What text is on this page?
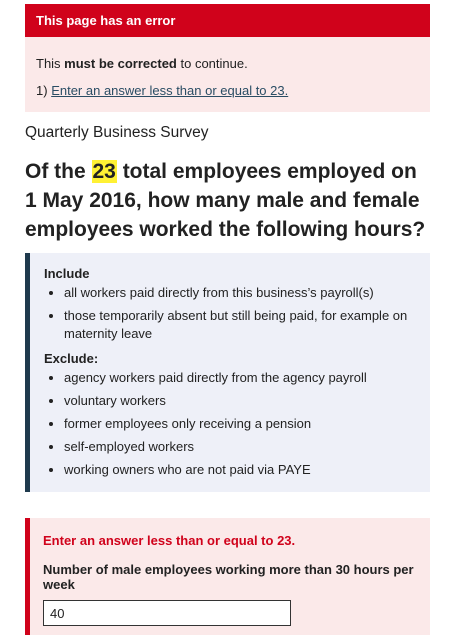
This page has an error

This must be corrected to continue.

1) Enter an answer less than or equal to 23.

Quarterly Business Survey
Of the 23 total employees employed on
1 May 2016, how many male and female employees worked the following hours?
Include
• all workers paid directly from this business’s payroll(s)
• those temporarily absent but still being paid, for example on maternity leave
Exclude:
• agency workers paid directly from the agency payroll
• voluntary workers
• former employees only receiving a pension
• self-employed workers
• working owners who are not paid via PAYE
Enter an answer less than or equal to 23.
Number of male employees working more than 30 hours per week
40
